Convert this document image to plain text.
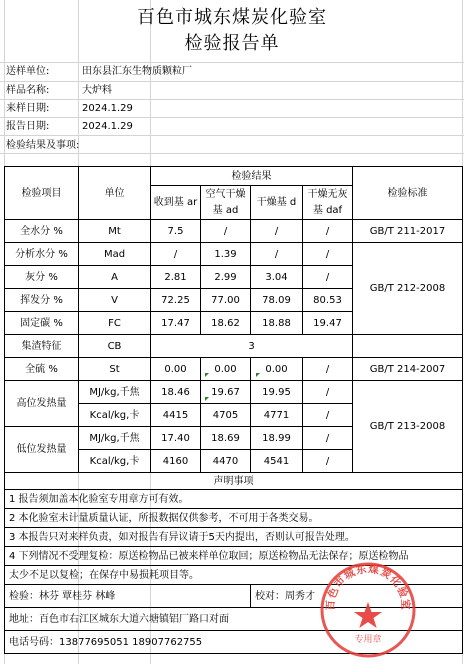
百色市城东煤炭化验室
检验报告单
送样单位:	田东县汇东生物质颗粒厂
样品名称:	大炉料
来样日期:	2024.1.29
报告日期:	2024.1.29
检验结果及事项:
检验项目	单位	检验结果				检验标准
		收到基 ar	空气干燥基 ad	干燥基 d	干燥无灰基 daf	
全水分 %	Mt	7.5	/	/	/	GB/T 211-2017
分析水分 %	Mad	/	1.39	/	/	GB/T 212-2008
灰分 %	A	2.81	2.99	3.04	/	
挥发分 %	V	72.25	77.00	78.09	80.53	
固定碳 %	FC	17.47	18.62	18.88	19.47	
集渣特征	CB	3				
全硫 %	St	0.00	0.00	0.00	/	GB/T 214-2007
高位发热量	MJ/kg,千焦	18.46	19.67	19.95	/	GB/T 213-2008
	Kcal/kg,卡	4415	4705	4771	/	
低位发热量	MJ/kg,千焦	17.40	18.69	18.99	/	
	Kcal/kg,卡	4160	4470	4541	/	
声明事项						
1 报告须加盖本化验室专用章方可有效。						
2 本化验室未计量质量认证，所报数据仅供参考，不可用于各类交易。						
3 本报告只对来样负责，如对报告有异议请于5天内提出，否则认可报告处理。						
4 下列情况不受理复检：原送检物品已被来样单位取回；原送检物品无法保存；原送检物品						
太少不足以复检；在保存中易损耗项目等。						
检验：林芬 覃桂芬 林峰				校对：周秀才		
地址：百色市右江区城东大道六塘镇铝厂路口对面						
电话号码：13877695051 18907762755						
百色市城东煤炭化验室
专用章
